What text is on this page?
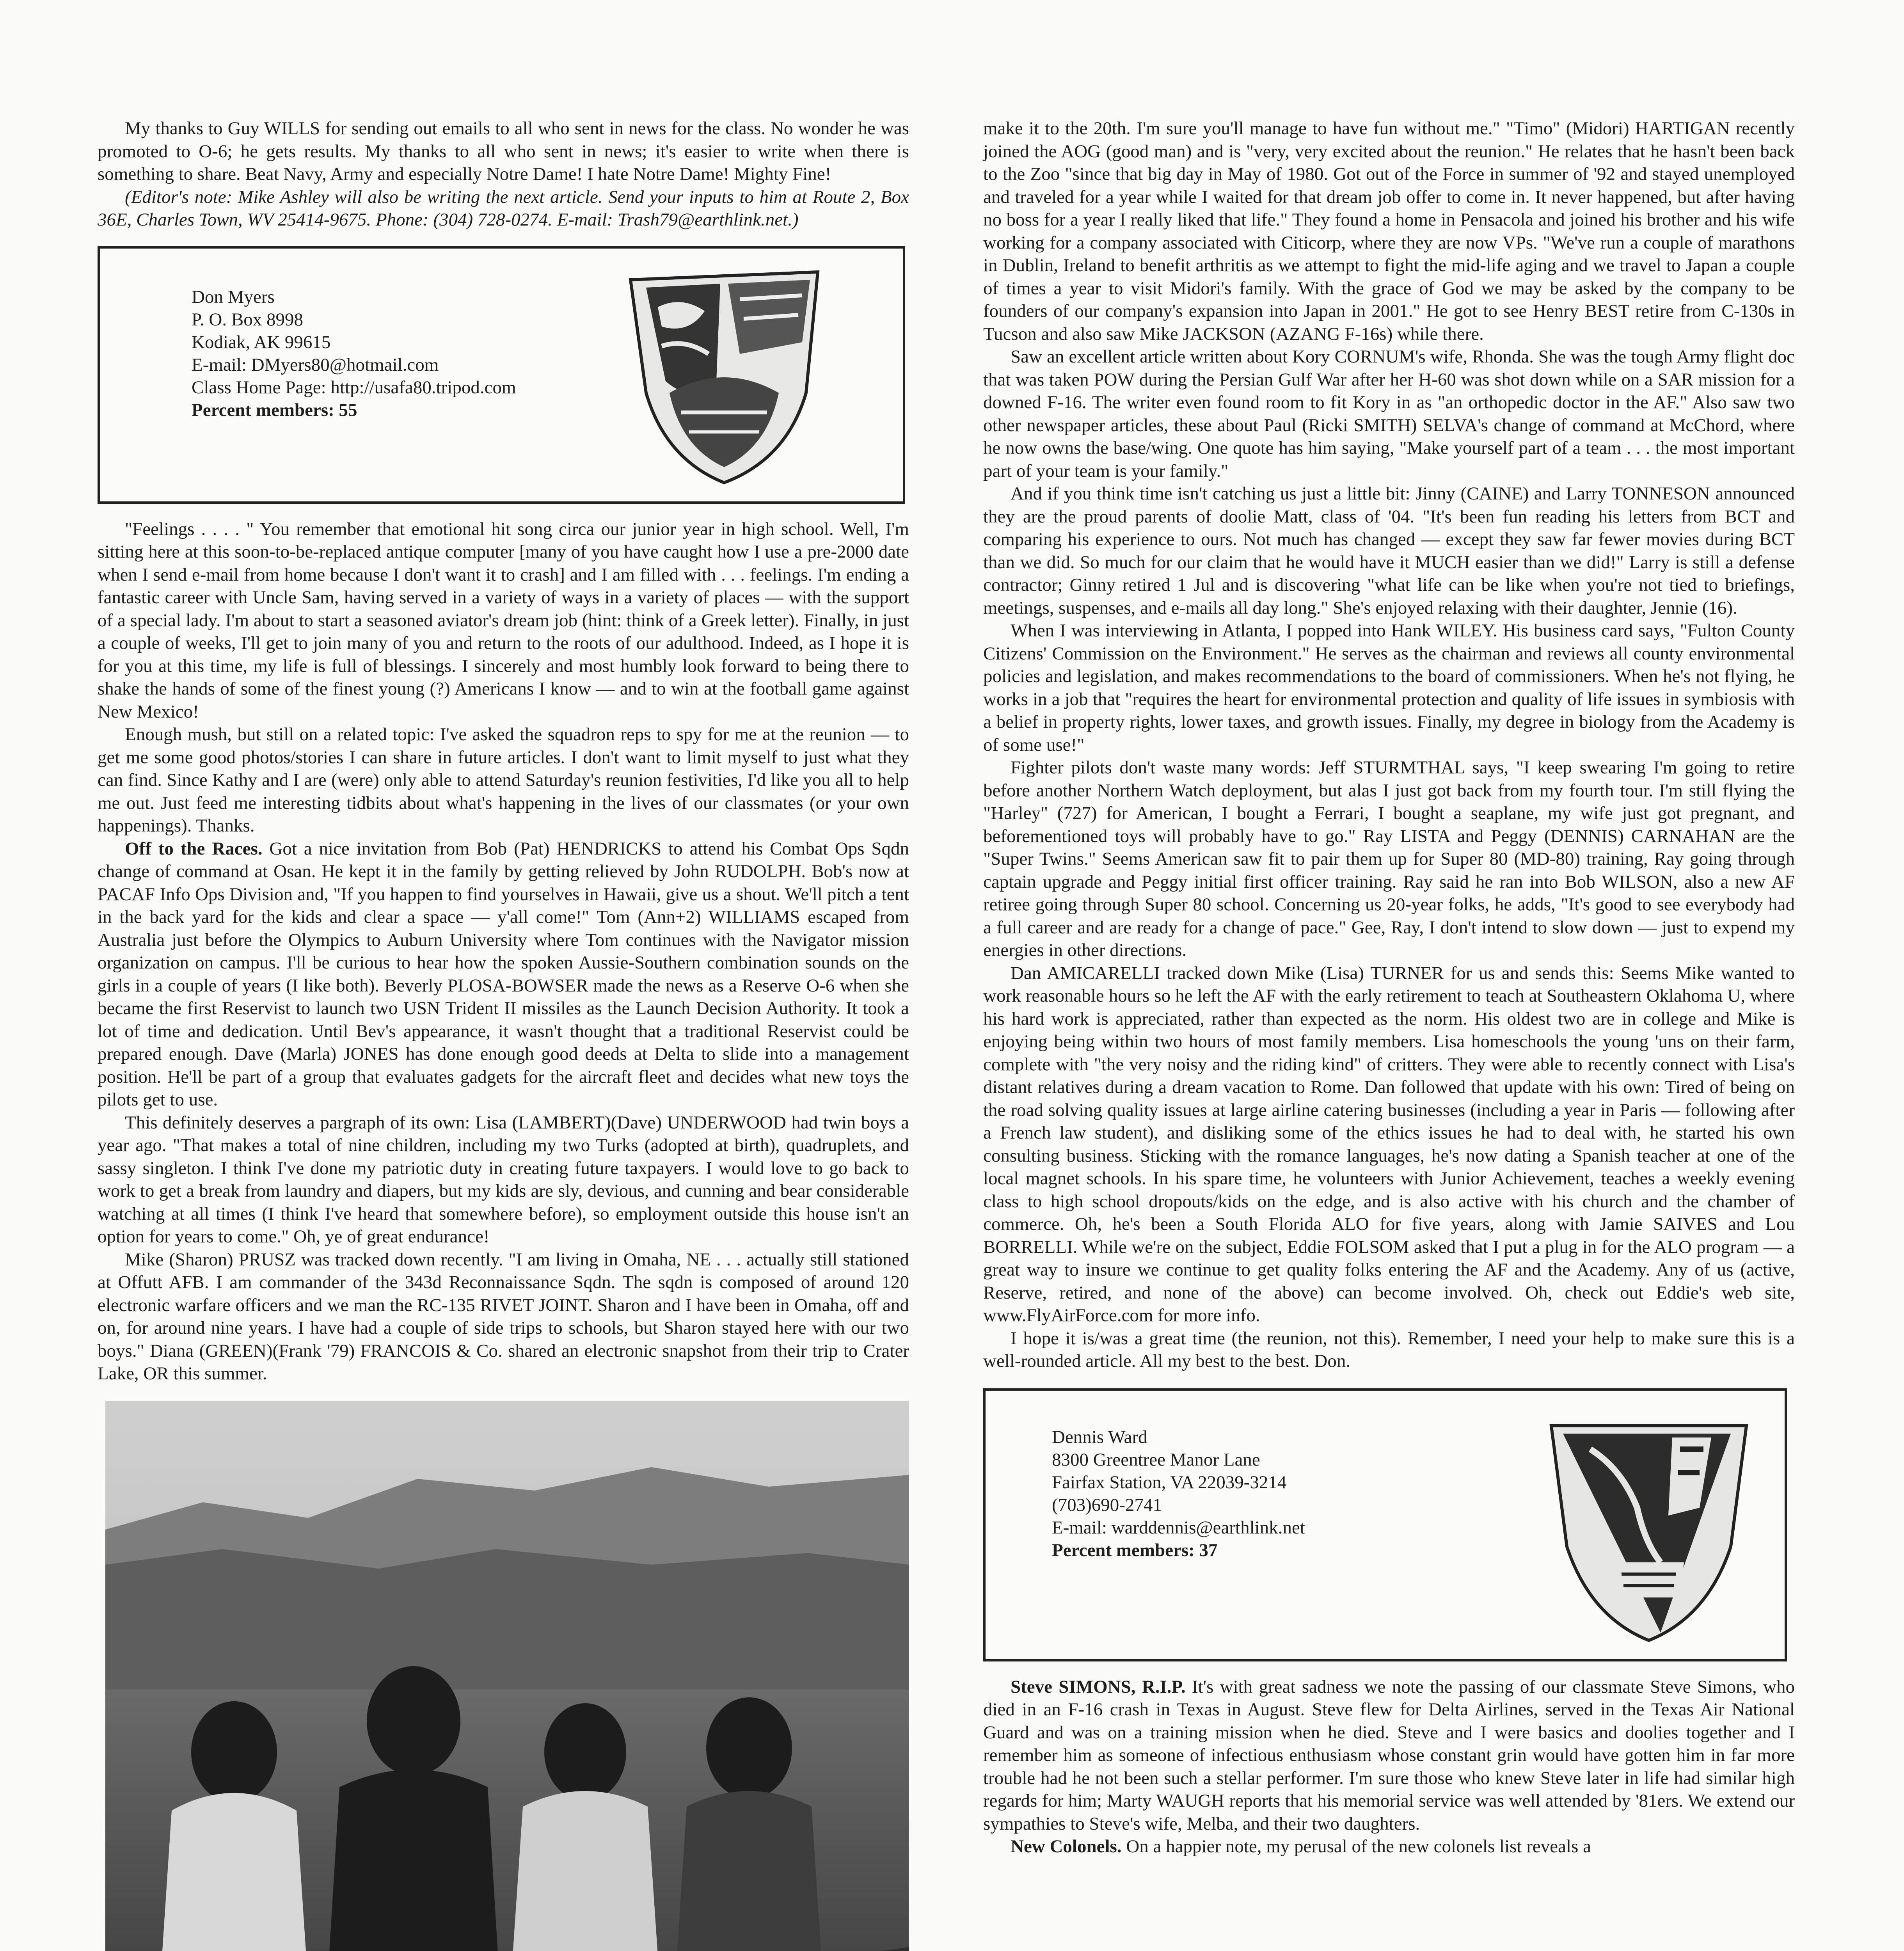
My thanks to Guy WILLS for sending out emails to all who sent in news for the class. No wonder he was promoted to O-6; he gets results. My thanks to all who sent in news; it's easier to write when there is something to share. Beat Navy, Army and especially Notre Dame! I hate Notre Dame! Mighty Fine!

(Editor's note: Mike Ashley will also be writing the next article. Send your inputs to him at Route 2, Box 36E, Charles Town, WV 25414-9675. Phone: (304) 728-0274. E-mail: Trash79@earthlink.net.)

Don Myers
P. O. Box 8998
Kodiak, AK 99615
E-mail: DMyers80@hotmail.com
Class Home Page: http://usafa80.tripod.com
Percent members: 55

"Feelings . . . . " You remember that emotional hit song circa our junior year in high school. Well, I'm sitting here at this soon-to-be-replaced antique computer [many of you have caught how I use a pre-2000 date when I send e-mail from home because I don't want it to crash] and I am filled with . . . feelings. I'm ending a fantastic career with Uncle Sam, having served in a variety of ways in a variety of places — with the support of a special lady. I'm about to start a seasoned aviator's dream job (hint: think of a Greek letter). Finally, in just a couple of weeks, I'll get to join many of you and return to the roots of our adulthood. Indeed, as I hope it is for you at this time, my life is full of blessings. I sincerely and most humbly look forward to being there to shake the hands of some of the finest young (?) Americans I know — and to win at the football game against New Mexico!

Enough mush, but still on a related topic: I've asked the squadron reps to spy for me at the reunion — to get me some good photos/stories I can share in future articles. I don't want to limit myself to just what they can find. Since Kathy and I are (were) only able to attend Saturday's reunion festivities, I'd like you all to help me out. Just feed me interesting tidbits about what's happening in the lives of our classmates (or your own happenings). Thanks.

Off to the Races. Got a nice invitation from Bob (Pat) HENDRICKS to attend his Combat Ops Sqdn change of command at Osan. He kept it in the family by getting relieved by John RUDOLPH. Bob's now at PACAF Info Ops Division and, "If you happen to find yourselves in Hawaii, give us a shout. We'll pitch a tent in the back yard for the kids and clear a space — y'all come!" Tom (Ann+2) WILLIAMS escaped from Australia just before the Olympics to Auburn University where Tom continues with the Navigator mission organization on campus. I'll be curious to hear how the spoken Aussie-Southern combination sounds on the girls in a couple of years (I like both). Beverly PLOSA-BOWSER made the news as a Reserve O-6 when she became the first Reservist to launch two USN Trident II missiles as the Launch Decision Authority. It took a lot of time and dedication. Until Bev's appearance, it wasn't thought that a traditional Reservist could be prepared enough. Dave (Marla) JONES has done enough good deeds at Delta to slide into a management position. He'll be part of a group that evaluates gadgets for the aircraft fleet and decides what new toys the pilots get to use.

This definitely deserves a pargraph of its own: Lisa (LAMBERT)(Dave) UNDERWOOD had twin boys a year ago. "That makes a total of nine children, including my two Turks (adopted at birth), quadruplets, and sassy singleton. I think I've done my patriotic duty in creating future taxpayers. I would love to go back to work to get a break from laundry and diapers, but my kids are sly, devious, and cunning and bear considerable watching at all times (I think I've heard that somewhere before), so employment outside this house isn't an option for years to come." Oh, ye of great endurance!

Mike (Sharon) PRUSZ was tracked down recently. "I am living in Omaha, NE . . . actually still stationed at Offutt AFB. I am commander of the 343d Reconnaissance Sqdn. The sqdn is composed of around 120 electronic warfare officers and we man the RC-135 RIVET JOINT. Sharon and I have been in Omaha, off and on, for around nine years. I have had a couple of side trips to schools, but Sharon stayed here with our two boys." Diana (GREEN)(Frank '79) FRANCOIS & Co. shared an electronic snapshot from their trip to Crater Lake, OR this summer.

make it to the 20th. I'm sure you'll manage to have fun without me." "Timo" (Midori) HARTIGAN recently joined the AOG (good man) and is "very, very excited about the reunion." He relates that he hasn't been back to the Zoo "since that big day in May of 1980. Got out of the Force in summer of '92 and stayed unemployed and traveled for a year while I waited for that dream job offer to come in. It never happened, but after having no boss for a year I really liked that life." They found a home in Pensacola and joined his brother and his wife working for a company associated with Citicorp, where they are now VPs. "We've run a couple of marathons in Dublin, Ireland to benefit arthritis as we attempt to fight the mid-life aging and we travel to Japan a couple of times a year to visit Midori's family. With the grace of God we may be asked by the company to be founders of our company's expansion into Japan in 2001." He got to see Henry BEST retire from C-130s in Tucson and also saw Mike JACKSON (AZANG F-16s) while there.

Saw an excellent article written about Kory CORNUM's wife, Rhonda. She was the tough Army flight doc that was taken POW during the Persian Gulf War after her H-60 was shot down while on a SAR mission for a downed F-16. The writer even found room to fit Kory in as "an orthopedic doctor in the AF." Also saw two other newspaper articles, these about Paul (Ricki SMITH) SELVA's change of command at McChord, where he now owns the base/wing. One quote has him saying, "Make yourself part of a team . . . the most important part of your team is your family."

And if you think time isn't catching us just a little bit: Jinny (CAINE) and Larry TONNESON announced they are the proud parents of doolie Matt, class of '04. "It's been fun reading his letters from BCT and comparing his experience to ours. Not much has changed — except they saw far fewer movies during BCT than we did. So much for our claim that he would have it MUCH easier than we did!" Larry is still a defense contractor; Ginny retired 1 Jul and is discovering "what life can be like when you're not tied to briefings, meetings, suspenses, and e-mails all day long." She's enjoyed relaxing with their daughter, Jennie (16).

When I was interviewing in Atlanta, I popped into Hank WILEY. His business card says, "Fulton County Citizens' Commission on the Environment." He serves as the chairman and reviews all county environmental policies and legislation, and makes recommendations to the board of commissioners. When he's not flying, he works in a job that "requires the heart for environmental protection and quality of life issues in symbiosis with a belief in property rights, lower taxes, and growth issues. Finally, my degree in biology from the Academy is of some use!"

Fighter pilots don't waste many words: Jeff STURMTHAL says, "I keep swearing I'm going to retire before another Northern Watch deployment, but alas I just got back from my fourth tour. I'm still flying the "Harley" (727) for American, I bought a Ferrari, I bought a seaplane, my wife just got pregnant, and beforementioned toys will probably have to go." Ray LISTA and Peggy (DENNIS) CARNAHAN are the "Super Twins." Seems American saw fit to pair them up for Super 80 (MD-80) training, Ray going through captain upgrade and Peggy initial first officer training. Ray said he ran into Bob WILSON, also a new AF retiree going through Super 80 school. Concerning us 20-year folks, he adds, "It's good to see everybody had a full career and are ready for a change of pace." Gee, Ray, I don't intend to slow down — just to expend my energies in other directions.

Dan AMICARELLI tracked down Mike (Lisa) TURNER for us and sends this: Seems Mike wanted to work reasonable hours so he left the AF with the early retirement to teach at Southeastern Oklahoma U, where his hard work is appreciated, rather than expected as the norm. His oldest two are in college and Mike is enjoying being within two hours of most family members. Lisa homeschools the young 'uns on their farm, complete with "the very noisy and the riding kind" of critters. They were able to recently connect with Lisa's distant relatives during a dream vacation to Rome. Dan followed that update with his own: Tired of being on the road solving quality issues at large airline catering businesses (including a year in Paris — following after a French law student), and disliking some of the ethics issues he had to deal with, he started his own consulting business. Sticking with the romance languages, he's now dating a Spanish teacher at one of the local magnet schools. In his spare time, he volunteers with Junior Achievement, teaches a weekly evening class to high school dropouts/kids on the edge, and is also active with his church and the chamber of commerce. Oh, he's been a South Florida ALO for five years, along with Jamie SAIVES and Lou BORRELLI. While we're on the subject, Eddie FOLSOM asked that I put a plug in for the ALO program — a great way to insure we continue to get quality folks entering the AF and the Academy. Any of us (active, Reserve, retired, and none of the above) can become involved. Oh, check out Eddie's web site, www.FlyAirForce.com for more info.

I hope it is/was a great time (the reunion, not this). Remember, I need your help to make sure this is a well-rounded article. All my best to the best. Don.

Dennis Ward
8300 Greentree Manor Lane
Fairfax Station, VA 22039-3214
(703)690-2741
E-mail: warddennis@earthlink.net
Percent members: 37

Steve SIMONS, R.I.P. It's with great sadness we note the passing of our classmate Steve Simons, who died in an F-16 crash in Texas in August. Steve flew for Delta Airlines, served in the Texas Air National Guard and was on a training mission when he died. Steve and I were basics and doolies together and I remember him as someone of infectious enthusiasm whose constant grin would have gotten him in far more trouble had he not been such a stellar performer. I'm sure those who knew Steve later in life had similar high regards for him; Marty WAUGH reports that his memorial service was well attended by '81ers. We extend our sympathies to Steve's wife, Melba, and their two daughters.

New Colonels. On a happier note, my perusal of the new colonels list reveals a
